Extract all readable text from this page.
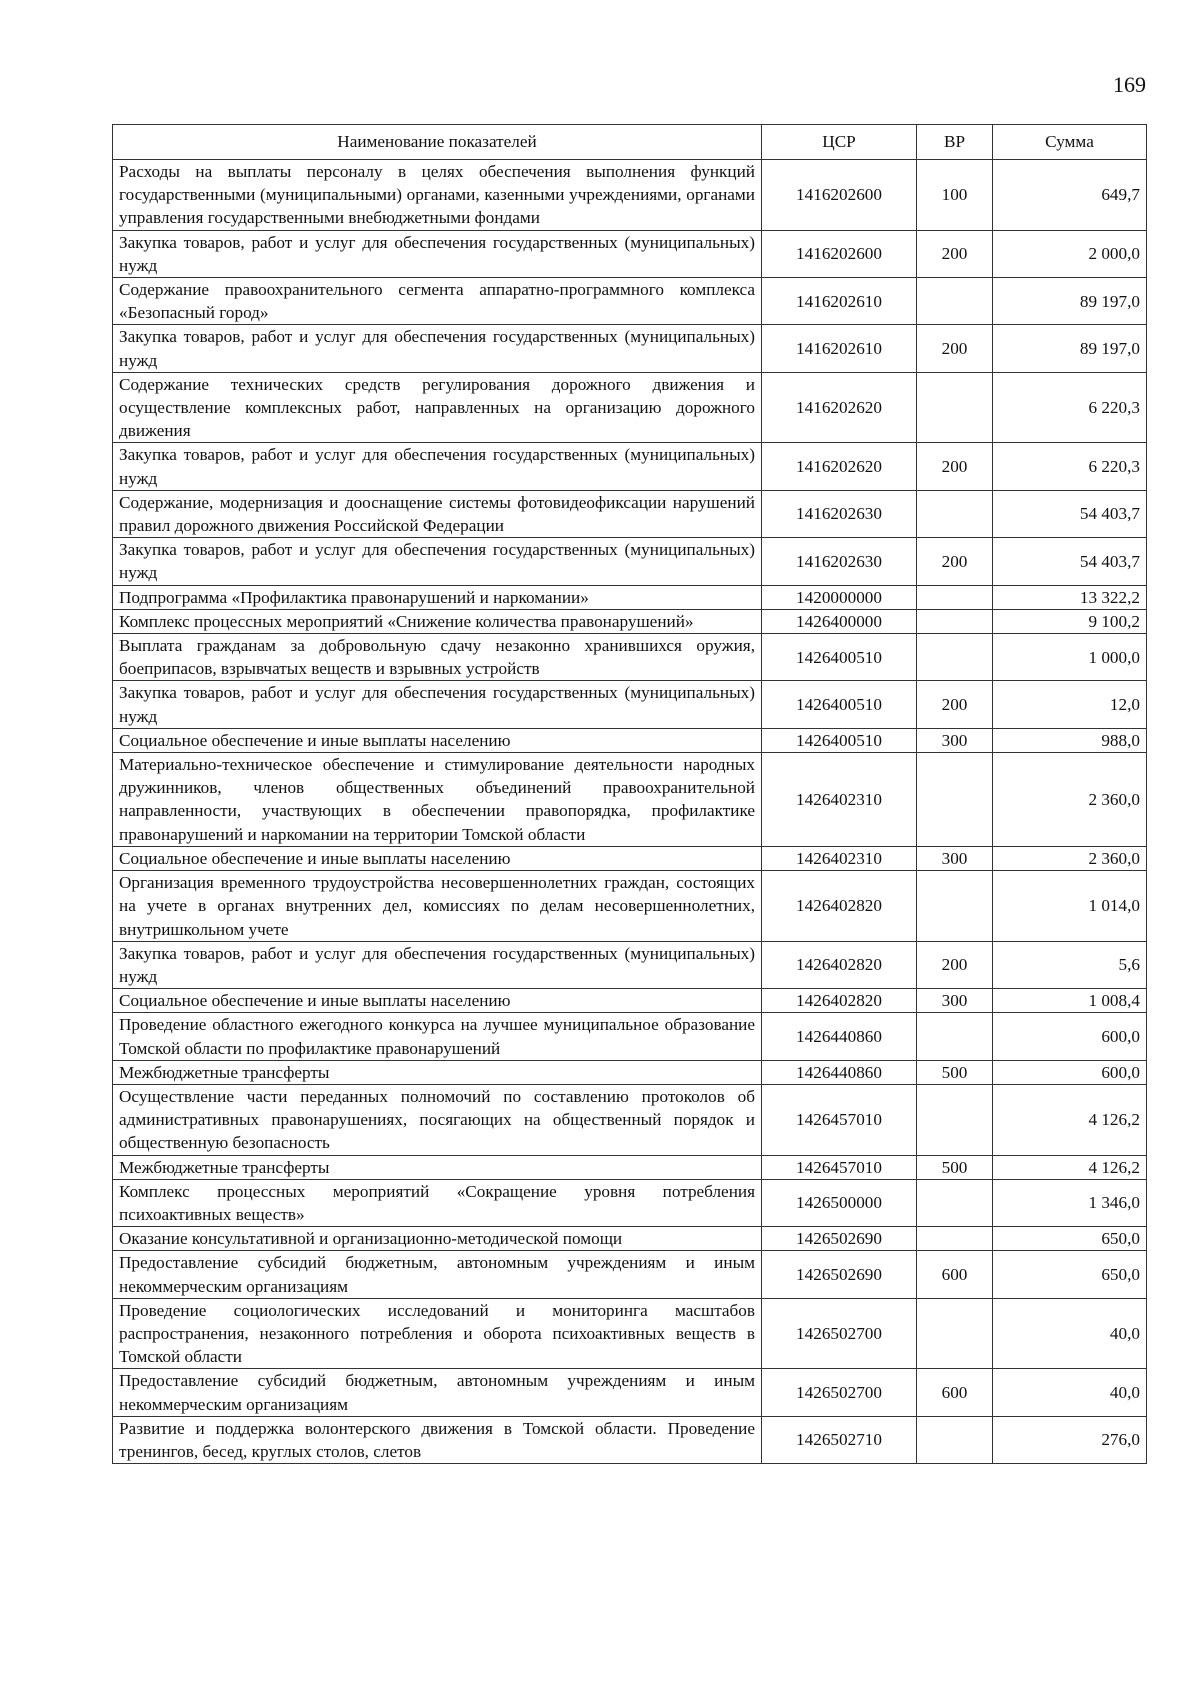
169
Наименование показателей	ЦСР	ВР	Сумма
Расходы на выплаты персоналу в целях обеспечения выполнения функций государственными (муниципальными) органами, казенными учреждениями, органами управления государственными внебюджетными фондами	1416202600	100	649,7
Закупка товаров, работ и услуг для обеспечения государственных (муниципальных) нужд	1416202600	200	2 000,0
Содержание правоохранительного сегмента аппаратно-программного комплекса «Безопасный город»	1416202610		89 197,0
Закупка товаров, работ и услуг для обеспечения государственных (муниципальных) нужд	1416202610	200	89 197,0
Содержание технических средств регулирования дорожного движения и осуществление комплексных работ, направленных на организацию дорожного движения	1416202620		6 220,3
Закупка товаров, работ и услуг для обеспечения государственных (муниципальных) нужд	1416202620	200	6 220,3
Содержание, модернизация и дооснащение системы фотовидеофиксации нарушений правил дорожного движения Российской Федерации	1416202630		54 403,7
Закупка товаров, работ и услуг для обеспечения государственных (муниципальных) нужд	1416202630	200	54 403,7
Подпрограмма «Профилактика правонарушений и наркомании»	1420000000		13 322,2
Комплекс процессных мероприятий «Снижение количества правонарушений»	1426400000		9 100,2
Выплата гражданам за добровольную сдачу незаконно хранившихся оружия, боеприпасов, взрывчатых веществ и взрывных устройств	1426400510		1 000,0
Закупка товаров, работ и услуг для обеспечения государственных (муниципальных) нужд	1426400510	200	12,0
Социальное обеспечение и иные выплаты населению	1426400510	300	988,0
Материально-техническое обеспечение и стимулирование деятельности народных дружинников, членов общественных объединений правоохранительной направленности, участвующих в обеспечении правопорядка, профилактике правонарушений и наркомании на территории Томской области	1426402310		2 360,0
Социальное обеспечение и иные выплаты населению	1426402310	300	2 360,0
Организация временного трудоустройства несовершеннолетних граждан, состоящих на учете в органах внутренних дел, комиссиях по делам несовершеннолетних, внутришкольном учете	1426402820		1 014,0
Закупка товаров, работ и услуг для обеспечения государственных (муниципальных) нужд	1426402820	200	5,6
Социальное обеспечение и иные выплаты населению	1426402820	300	1 008,4
Проведение областного ежегодного конкурса на лучшее муниципальное образование Томской области по профилактике правонарушений	1426440860		600,0
Межбюджетные трансферты	1426440860	500	600,0
Осуществление части переданных полномочий по составлению протоколов об административных правонарушениях, посягающих на общественный порядок и общественную безопасность	1426457010		4 126,2
Межбюджетные трансферты	1426457010	500	4 126,2
Комплекс процессных мероприятий «Сокращение уровня потребления психоактивных веществ»	1426500000		1 346,0
Оказание консультативной и организационно-методической помощи	1426502690		650,0
Предоставление субсидий бюджетным, автономным учреждениям и иным некоммерческим организациям	1426502690	600	650,0
Проведение социологических исследований и мониторинга масштабов распространения, незаконного потребления и оборота психоактивных веществ в Томской области	1426502700		40,0
Предоставление субсидий бюджетным, автономным учреждениям и иным некоммерческим организациям	1426502700	600	40,0
Развитие и поддержка волонтерского движения в Томской области. Проведение тренингов, бесед, круглых столов, слетов	1426502710		276,0
